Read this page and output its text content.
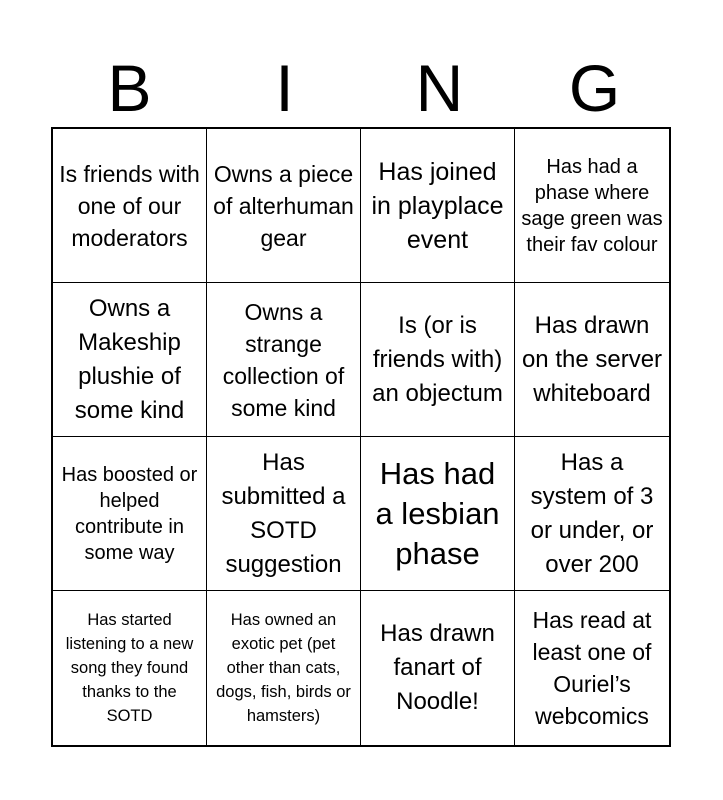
B	I	N	G
Is friends with one of our moderators
Owns a piece of alterhuman gear
Has joined in playplace event
Has had a phase where sage green was their fav colour
Owns a Makeship plushie of some kind
Owns a strange collection of some kind
Is (or is friends with) an objectum
Has drawn on the server whiteboard
Has boosted or helped contribute in some way
Has submitted a SOTD suggestion
Has had a lesbian phase
Has a system of 3 or under, or over 200
Has started listening to a new song they found thanks to the SOTD
Has owned an exotic pet (pet other than cats, dogs, fish, birds or hamsters)
Has drawn fanart of Noodle!
Has read at least one of Ouriel’s webcomics
